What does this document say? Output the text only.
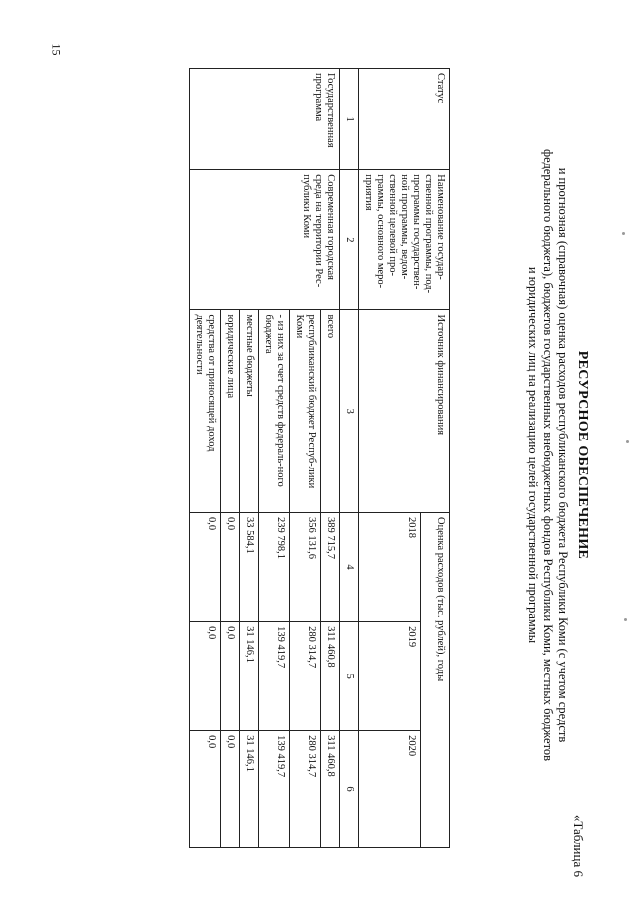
15
«Таблица 6
РЕСУРСНОЕ ОБЕСПЕЧЕНИЕ
и прогнозная (справочная) оценка расходов республиканского бюджета Республики Коми (с учетом средств
федерального бюджета), бюджетов государственных внебюджетных фондов Республики Коми, местных бюджетов
и юридических лиц на реализацию целей государственной программы
Статус	Наименование государ-ственной программы, под-программы государствен-ной программы, ведом-ственной целевой про-граммы, основного меро-приятия	Источник финансирования	Оценка расходов (тыс. рублей), годы		
			2018	2019	2020
1	2	3	4	5	6
Государственная программа	Современная городская среда на территории Рес-публики Коми	всего	389 715,7	311 460,8	311 460,8
		республиканский бюджет Респуб-лики Коми	356 131,6	280 314,7	280 314,7
		- из них за счет средств федераль-ного бюджета	239 798,1	139 419,7	139 419,7
		местные бюджеты	33 584,1	31 146,1	31 146,1
		юридические лица	0,0	0,0	0,0
		средства от приносящей доход деятельности	0,0	0,0	0,0
